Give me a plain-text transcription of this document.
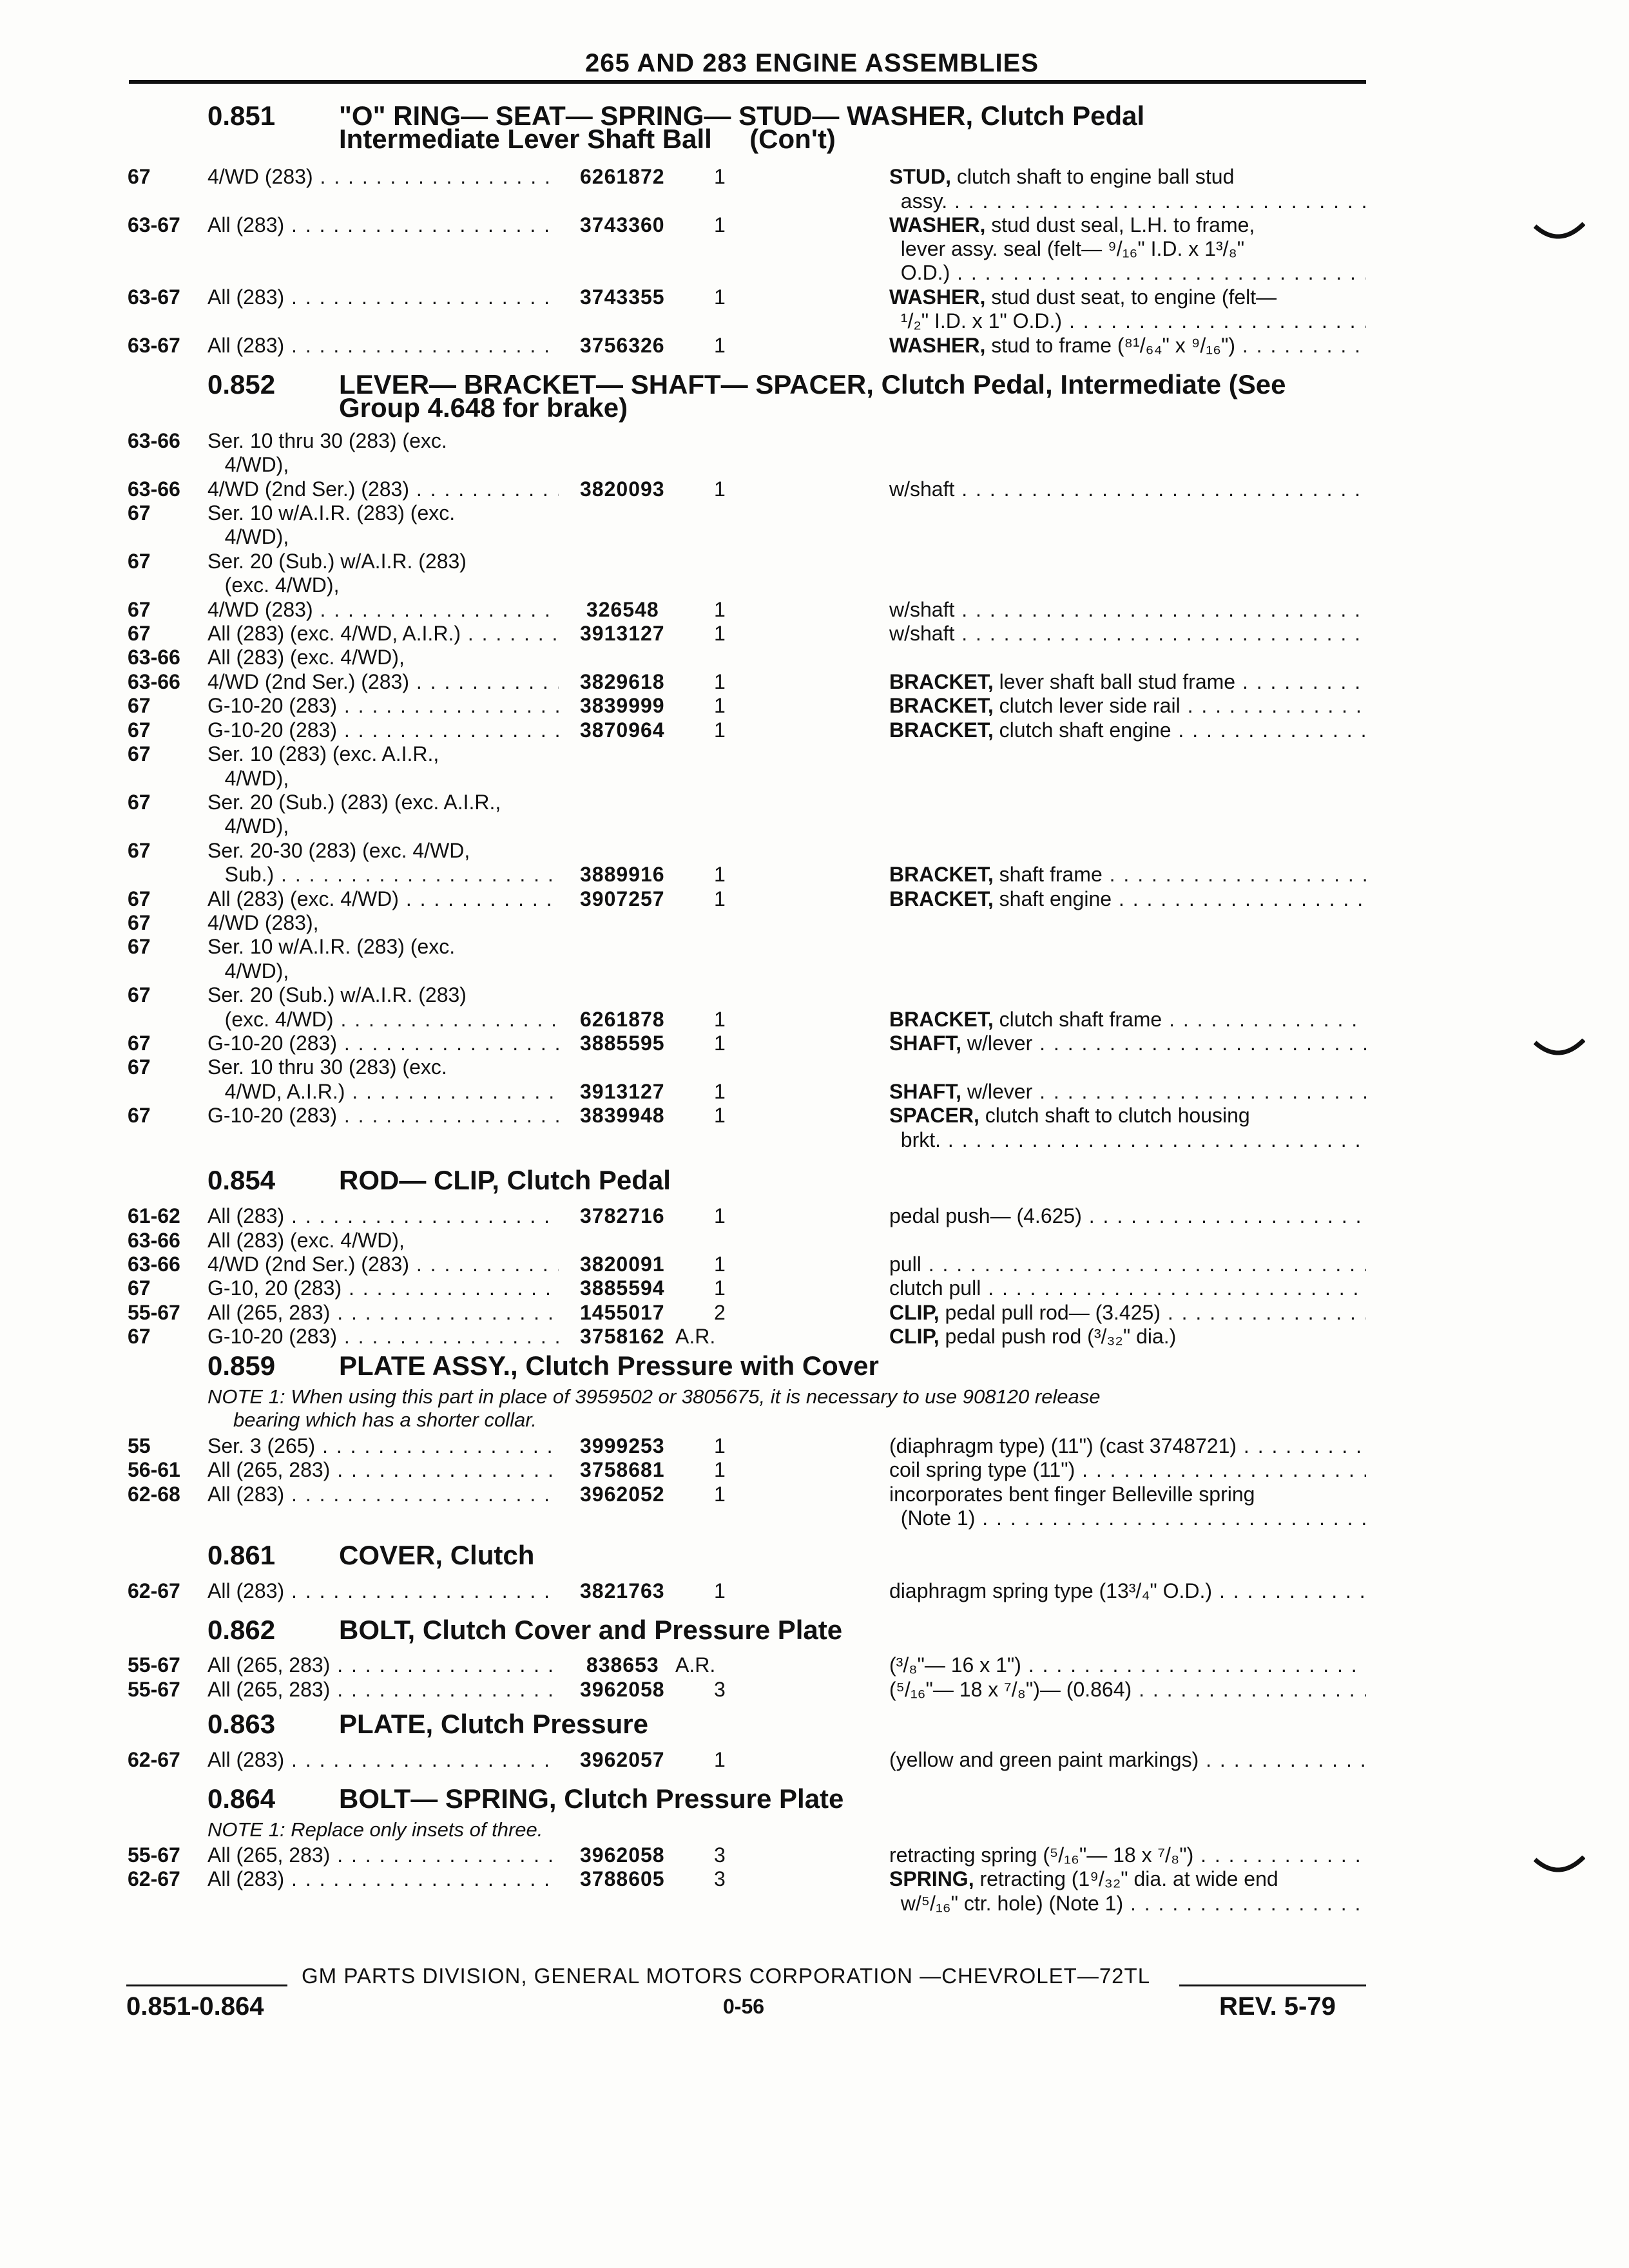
265 AND 283 ENGINE ASSEMBLIES
0.851 "O" RING— SEAT— SPRING— STUD— WASHER, Clutch Pedal
Intermediate Lever Shaft Ball     (Con't)
67	4/WD (283) . . .	6261872 1	STUD, clutch shaft to engine ball stud
assy. . . .
63-67 All (283) . . .	3743360 1	WASHER, stud dust seal, L.H. to frame,
lever assy. seal (felt— ⁹/₁₆" I.D. x 1³/₈"
O.D.) . . .
63-67 All (283) . . .	3743355 1	WASHER, stud dust seat, to engine (felt—
¹/₂" I.D. x 1" O.D.) . . .
63-67 All (283) . . .	3756326 1	WASHER, stud to frame (⁸¹/₆₄" x ⁹/₁₆") . . .
0.852 LEVER— BRACKET— SHAFT— SPACER, Clutch Pedal, Intermediate (See
Group 4.648 for brake)
63-66 Ser. 10 thru 30 (283) (exc.
4/WD),
63-66 4/WD (2nd Ser.) (283) . . .	3820093 1	w/shaft . . .
67	Ser. 10 w/A.I.R. (283) (exc.
4/WD),
67	Ser. 20 (Sub.) w/A.I.R. (283)
(exc. 4/WD),
67	4/WD (283) . . .	326548	1	w/shaft . . .
67	All (283) (exc. 4/WD, A.I.R.) . . .	3913127 1	w/shaft . . .
63-66 All (283) (exc. 4/WD),
63-66 4/WD (2nd Ser.) (283) . . .	3829618 1	BRACKET, lever shaft ball stud frame . . .
67	G-10-20 (283) . . .	3839999 1	BRACKET, clutch lever side rail . . .
67	G-10-20 (283) . . .	3870964 1	BRACKET, clutch shaft engine . . .
67	Ser. 10 (283) (exc. A.I.R.,
4/WD),
67	Ser. 20 (Sub.) (283) (exc. A.I.R.,
4/WD),
67	Ser. 20-30 (283) (exc. 4/WD,
Sub.) . . .	3889916 1	BRACKET, shaft frame . . .
67	All (283) (exc. 4/WD) . . .	3907257 1	BRACKET, shaft engine . . .
67	4/WD (283),
67	Ser. 10 w/A.I.R. (283) (exc.
4/WD),
67	Ser. 20 (Sub.) w/A.I.R. (283)
(exc. 4/WD) . . .	6261878 1	BRACKET, clutch shaft frame . . .
67	G-10-20 (283) . . .	3885595 1	SHAFT, w/lever . . .
67	Ser. 10 thru 30 (283) (exc.
4/WD, A.I.R.) . . .	3913127 1	SHAFT, w/lever . . .
67	G-10-20 (283) . . .	3839948 1	SPACER, clutch shaft to clutch housing
brkt. . . .
0.854 ROD— CLIP, Clutch Pedal
61-62 All (283) . . .	3782716 1	pedal push— (4.625) . . .
63-66 All (283) (exc. 4/WD),
63-66 4/WD (2nd Ser.) (283) . . .	3820091 1	pull . . .
67	G-10, 20 (283) . . .	3885594 1	clutch pull . . .
55-67 All (265, 283) . . .	1455017 2	CLIP, pedal pull rod— (3.425) . . .
67	G-10-20 (283) . . .	3758162 A.R.	CLIP, pedal push rod (³/₃₂" dia.)
0.859 PLATE ASSY., Clutch Pressure with Cover
NOTE 1: When using this part in place of 3959502 or 3805675, it is necessary to use 908120 release
bearing which has a shorter collar.
55	Ser. 3 (265) . . .	3999253 1	(diaphragm type) (11") (cast 3748721) . . .
56-61 All (265, 283) . . .	3758681 1	coil spring type (11") . . .
62-68 All (283) . . .	3962052 1	incorporates bent finger Belleville spring
(Note 1) . . .
0.861 COVER, Clutch
62-67 All (283) . . .	3821763 1	diaphragm spring type (13³/₄" O.D.) . . .
0.862 BOLT, Clutch Cover and Pressure Plate
55-67 All (265, 283) . . .	838653 A.R.	(³/₈"— 16 x 1") . . .
55-67 All (265, 283) . . .	3962058 3	(⁵/₁₆"— 18 x ⁷/₈")— (0.864) . . .
0.863 PLATE, Clutch Pressure
62-67 All (283) . . .	3962057 1	(yellow and green paint markings) . . .
0.864 BOLT— SPRING, Clutch Pressure Plate
NOTE 1: Replace only insets of three.
55-67 All (265, 283) . . .	3962058 3	retracting spring (⁵/₁₆"— 18 x ⁷/₈") . . .
62-67 All (283) . . .	3788605 3	SPRING, retracting (1⁹/₃₂" dia. at wide end
w/⁵/₁₆" ctr. hole) (Note 1) . . .
GM PARTS DIVISION, GENERAL MOTORS CORPORATION —CHEVROLET—72TL
0.851-0.864	0-56	REV. 5-79
